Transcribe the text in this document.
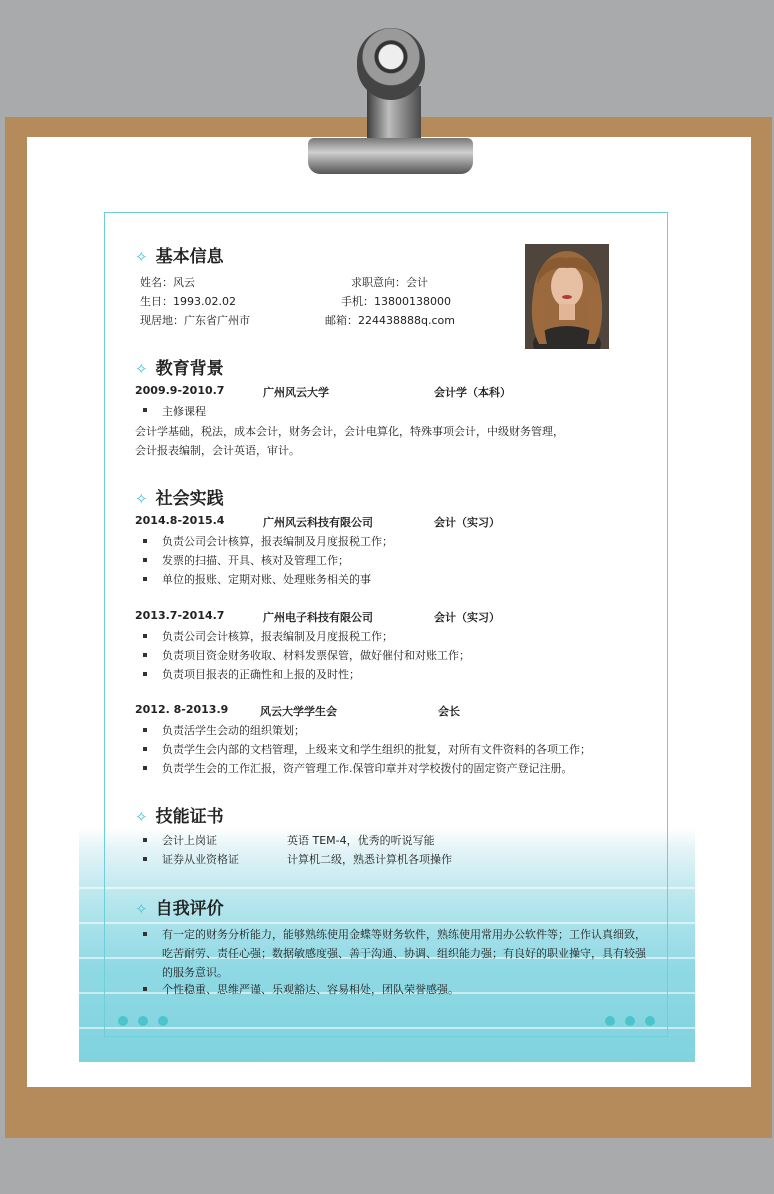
✧ 基本信息
姓名：风云	求职意向：会计
生日：1993.02.02	手机：13800138000
现居地：广东省广州市	邮箱：224438888q.com
✧ 教育背景
2009.9-2010.7	广州风云大学	会计学（本科）
主修课程
会计学基础，税法，成本会计，财务会计，会计电算化，特殊事项会计，中级财务管理，
会计报表编制，会计英语，审计。
✧ 社会实践
2014.8-2015.4	广州风云科技有限公司	会计（实习）
负责公司会计核算，报表编制及月度报税工作；
发票的扫描、开具、核对及管理工作；
单位的报账、定期对账、处理账务相关的事
2013.7-2014.7	广州电子科技有限公司	会计（实习）
负责公司会计核算，报表编制及月度报税工作；
负责项目资金财务收取、材料发票保管，做好催付和对账工作；
负责项目报表的正确性和上报的及时性；
2012. 8-2013.9	风云大学学生会	会长
负责活学生会动的组织策划；
负责学生会内部的文档管理，上级来文和学生组织的批复，对所有文件资料的各项工作；
负责学生会的工作汇报，资产管理工作.保管印章并对学校拨付的固定资产登记注册。
✧ 技能证书
会计上岗证	英语 TEM-4，优秀的听说写能
证券从业资格证	计算机二级，熟悉计算机各项操作
✧ 自我评价
有一定的财务分析能力，能够熟练使用金蝶等财务软件，熟练使用常用办公软件等；工作认真细致，
吃苦耐劳、责任心强；数据敏感度强、善于沟通、协调、组织能力强；有良好的职业操守，具有较强
的服务意识。
个性稳重、思维严谨、乐观豁达、容易相处，团队荣誉感强。
